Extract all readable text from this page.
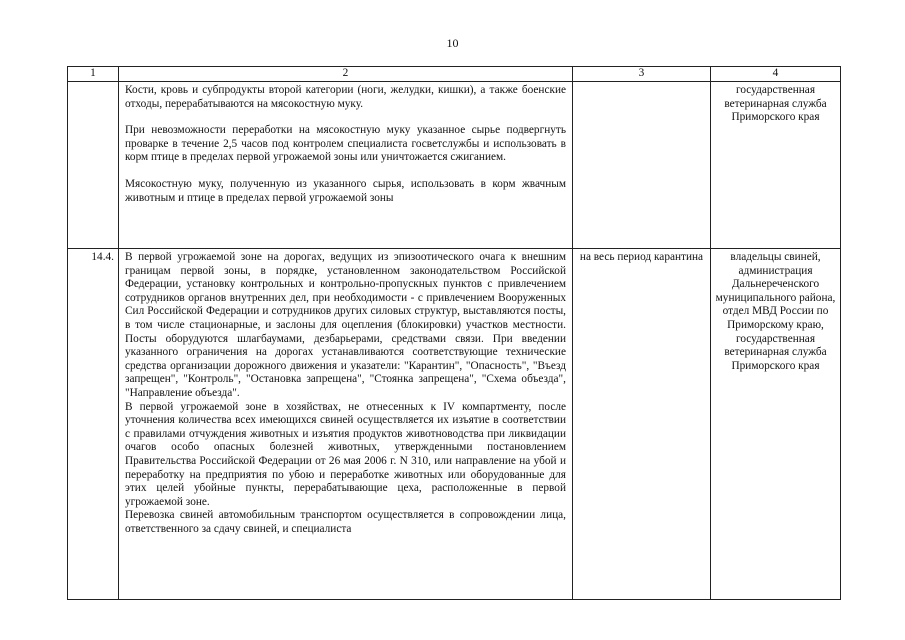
10
1	2	3	4

	Кости, кровь и субпродукты второй категории (ноги, желудки, кишки), а также боенские отходы, перерабатываются на мясокостную муку.

При невозможности переработки на мясокостную муку указанное сырье подвергнуть проварке в течение 2,5 часов под контролем специалиста госветслужбы и использовать в корм птице в пределах первой угрожаемой зоны или уничтожается сжиганием.

Мясокостную муку, полученную из указанного сырья, использовать в корм жвачным животным и птице в пределах первой угрожаемой зоны		государственная ветеринарная служба Приморского края

14.4.	В первой угрожаемой зоне на дорогах, ведущих из эпизоотического очага к внешним границам первой зоны, в порядке, установленном законодательством Российской Федерации, установку контрольных и контрольно-пропускных пунктов с привлечением сотрудников органов внутренних дел, при необходимости - с привлечением Вооруженных Сил Российской Федерации и сотрудников других силовых структур, выставляются посты, в том числе стационарные, и заслоны для оцепления (блокировки) участков местности. Посты оборудуются шлагбаумами, дезбарьерами, средствами связи. При введении указанного ограничения на дорогах устанавливаются соответствующие технические средства организации дорожного движения и указатели: "Карантин", "Опасность", "Въезд запрещен", "Контроль", "Остановка запрещена", "Стоянка запрещена", "Схема объезда", "Направление объезда".

В первой угрожаемой зоне в хозяйствах, не отнесенных к IV компартменту, после уточнения количества всех имеющихся свиней осуществляется их изъятие в соответствии с правилами отчуждения животных и изъятия продуктов животноводства при ликвидации очагов особо опасных болезней животных, утвержденными постановлением Правительства Российской Федерации от 26 мая 2006 г. N 310, или направление на убой и переработку на предприятия по убою и переработке животных или оборудованные для этих целей убойные пункты, перерабатывающие цеха, расположенные в первой угрожаемой зоне.

Перевозка свиней автомобильным транспортом осуществляется в сопровождении лица, ответственного за сдачу свиней, и специалиста	на весь период карантина	владельцы свиней, администрация Дальнереченского муниципального района, отдел МВД России по Приморскому краю, государственная ветеринарная служба Приморского края
